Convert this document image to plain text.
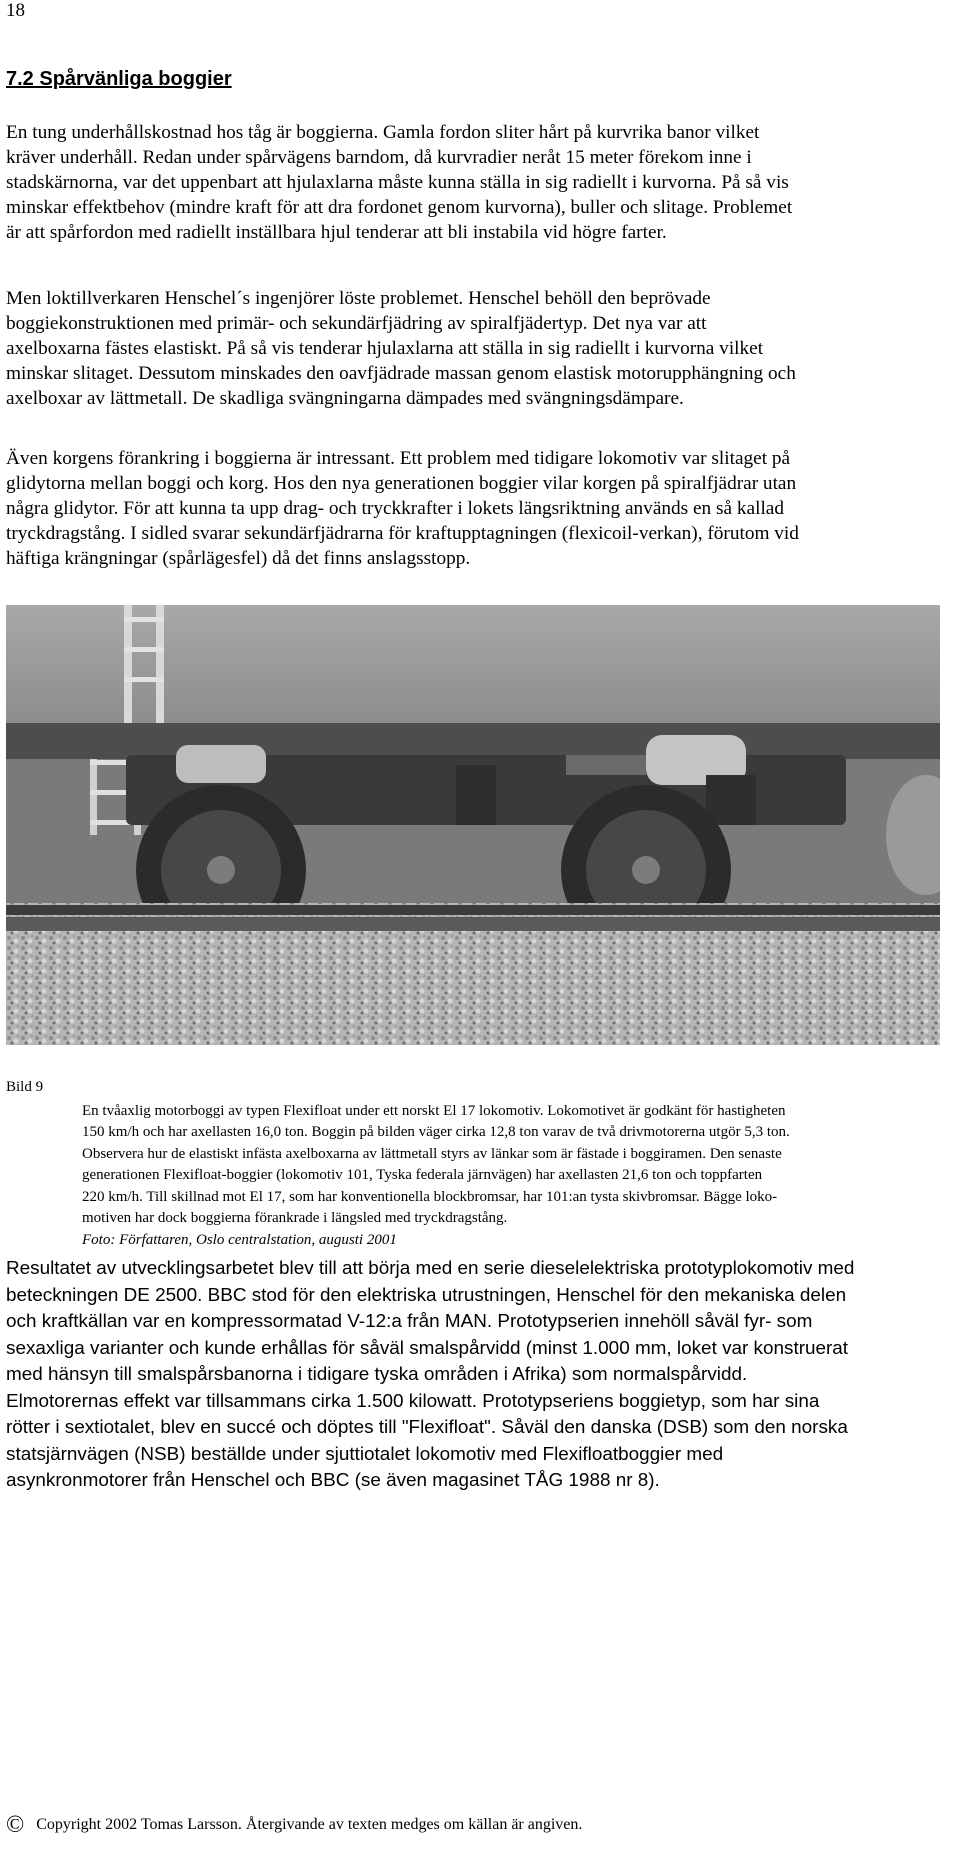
18
7.2 Spårvänliga boggier

En tung underhållskostnad hos tåg är boggierna. Gamla fordon sliter hårt på kurvrika banor vilket
kräver underhåll. Redan under spårvägens barndom, då kurvradier neråt 15 meter förekom inne i
stadskärnorna, var det uppenbart att hjulaxlarna måste kunna ställa in sig radiellt i kurvorna. På så vis
minskar effektbehov (mindre kraft för att dra fordonet genom kurvorna), buller och slitage. Problemet
är att spårfordon med radiellt inställbara hjul tenderar att bli instabila vid högre farter.

Men loktillverkaren Henschel´s ingenjörer löste problemet. Henschel behöll den beprövade
boggiekonstruktionen med primär- och sekundärfjädring av spiralfjädertyp. Det nya var att
axelboxarna fästes elastiskt. På så vis tenderar hjulaxlarna att ställa in sig radiellt i kurvorna vilket
minskar slitaget. Dessutom minskades den oavfjädrade massan genom elastisk motorupphängning och
axelboxar av lättmetall. De skadliga svängningarna dämpades med svängningsdämpare.

Även korgens förankring i boggierna är intressant. Ett problem med tidigare lokomotiv var slitaget på
glidytorna mellan boggi och korg. Hos den nya generationen boggier vilar korgen på spiralfjädrar utan
några glidytor. För att kunna ta upp drag- och tryckkrafter i lokets längsriktning används en så kallad
tryckdragstång. I sidled svarar sekundärfjädrarna för kraftupptagningen (flexicoil-verkan), förutom vid
häftiga krängningar (spårlägesfel) då det finns anslagsstopp.

Bild 9

En tvåaxlig motorboggi av typen Flexifloat under ett norskt El 17 lokomotiv. Lokomotivet är godkänt för hastigheten
150 km/h och har axellasten 16,0 ton. Boggin på bilden väger cirka 12,8 ton varav de två drivmotorerna utgör 5,3 ton.
Observera hur de elastiskt infästa axelboxarna av lättmetall styrs av länkar som är fästade i boggiramen. Den senaste
generationen Flexifloat-boggier (lokomotiv 101, Tyska federala järnvägen) har axellasten 21,6 ton och toppfarten
220 km/h. Till skillnad mot El 17, som har konventionella blockbromsar, har 101:an tysta skivbromsar. Bägge loko-
motiven har dock boggierna förankrade i längsled med tryckdragstång.

Foto: Författaren, Oslo centralstation, augusti 2001

Resultatet av utvecklingsarbetet blev till att börja med en serie dieselelektriska prototyplokomotiv med
beteckningen DE 2500. BBC stod för den elektriska utrustningen, Henschel för den mekaniska delen
och kraftkällan var en kompressormatad V-12:a från MAN. Prototypserien innehöll såväl fyr- som
sexaxliga varianter och kunde erhållas för såväl smalspårvidd (minst 1.000 mm, loket var konstruerat
med hänsyn till smalspårsbanorna i tidigare tyska områden i Afrika) som normalspårvidd.
Elmotorernas effekt var tillsammans cirka 1.500 kilowatt. Prototypseriens boggietyp, som har sina
rötter i sextiotalet, blev en succé och döptes till "Flexifloat". Såväl den danska (DSB) som den norska
statsjärnvägen (NSB) beställde under sjuttiotalet lokomotiv med Flexifloatboggier med
asynkronmotorer från Henschel och BBC (se även magasinet TÅG 1988 nr 8).

© Copyright 2002 Tomas Larsson. Återgivande av texten medges om källan är angiven.
